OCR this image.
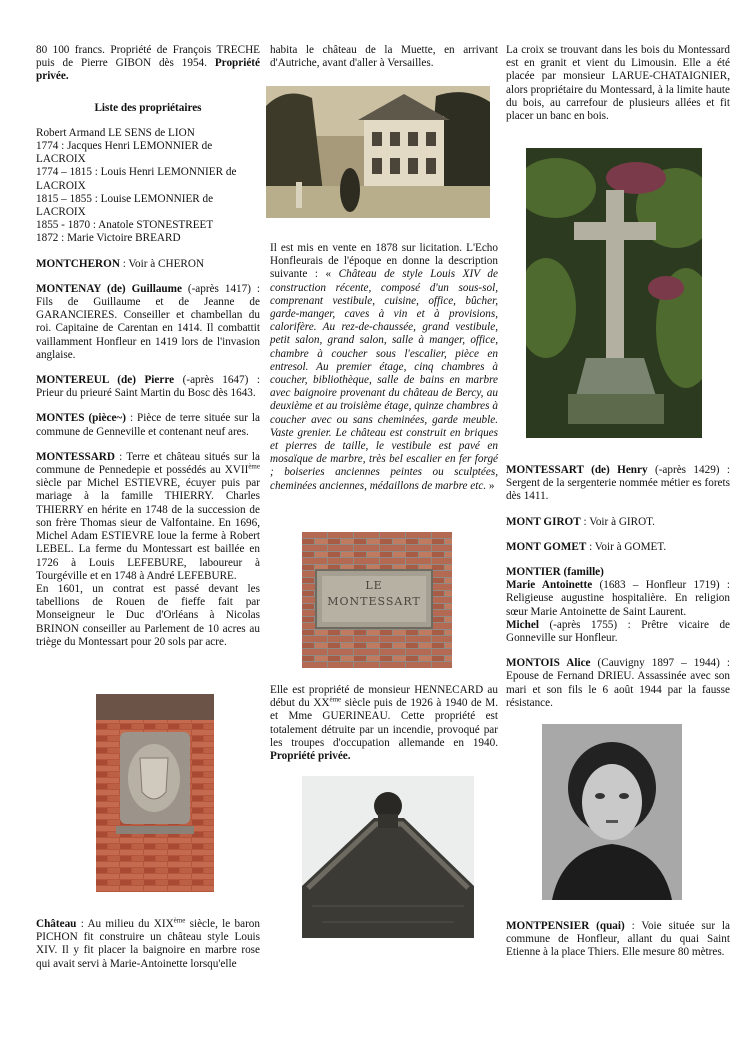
80 100 francs. Propriété de François TRECHE puis de Pierre GIBON dès 1954. Propriété privée.

Liste des propriétaires

Robert Armand LE SENS de LION
1774 : Jacques Henri LEMONNIER de LACROIX
1774 – 1815 : Louis Henri LEMONNIER de LACROIX
1815 – 1855 : Louise LEMONNIER de LACROIX
1855 - 1870 : Anatole STONESTREET
1872 : Marie Victoire BREARD

MONTCHERON : Voir à CHERON

MONTENAY (de) Guillaume (-après 1417) : Fils de Guillaume et de Jeanne de GARANCIERES. Conseiller et chambellan du roi. Capitaine de Carentan en 1414. Il combattit vaillamment Honfleur en 1419 lors de l'invasion anglaise.

MONTEREUL (de) Pierre (-après 1647) : Prieur du prieuré Saint Martin du Bosc dès 1643.

MONTES (pièce~) : Pièce de terre située sur la commune de Genneville et contenant neuf ares.

MONTESSARD : Terre et château situés sur la commune de Pennedepie et possédés au XVIIème siècle par Michel ESTIEVRE, écuyer puis par mariage à la famille THIERRY. Charles THIERRY en hérite en 1748 de la succession de son frère Thomas sieur de Valfontaine. En 1696, Michel Adam ESTIEVRE loue la ferme à Robert LEBEL. La ferme du Montessart est baillée en 1726 à Louis LEFEBURE, laboureur à Tourgéville et en 1748 à André LEFEBURE.

En 1601, un contrat est passé devant les tabellions de Rouen de fieffe fait par Monseigneur le Duc d'Orléans à Nicolas BRINON conseiller au Parlement de 10 acres au triège du Montessart pour 20 sols par acre.

Château : Au milieu du XIXème siècle, le baron PICHON fit construire un château style Louis XIV. Il y fit placer la baignoire en marbre rose qui avait servi à Marie-Antoinette lorsqu'elle

habita le château de la Muette, en arrivant d'Autriche, avant d'aller à Versailles.

Il est mis en vente en 1878 sur licitation. L'Echo Honfleurais de l'époque en donne la description suivante : « Château de style Louis XIV de construction récente, composé d'un sous-sol, comprenant vestibule, cuisine, office, bûcher, garde-manger, caves à vin et à provisions, calorifère. Au rez-de-chaussée, grand vestibule, petit salon, grand salon, salle à manger, office, chambre à coucher sous l'escalier, pièce en entresol. Au premier étage, cinq chambres à coucher, bibliothèque, salle de bains en marbre avec baignoire provenant du château de Bercy, au deuxième et au troisième étage, quinze chambres à coucher avec ou sans cheminées, garde meuble. Vaste grenier. Le château est construit en briques et pierres de taille, le vestibule est pavé en mosaïque de marbre, très bel escalier en fer forgé ; boiseries anciennes peintes ou sculptées, cheminées anciennes, médaillons de marbre etc. »

LE
MONTESSART

Elle est propriété de monsieur HENNECARD au début du XXème siècle puis de 1926 à 1940 de M. et Mme GUERINEAU. Cette propriété est totalement détruite par un incendie, provoqué par les troupes d'occupation allemande en 1940. Propriété privée.

La croix se trouvant dans les bois du Montessard est en granit et vient du Limousin. Elle a été placée par monsieur LARUE-CHATAIGNIER, alors propriétaire du Montessard, à la limite haute du bois, au carrefour de plusieurs allées et fit placer un banc en bois.

MONTESSART (de) Henry (-après 1429) : Sergent de la sergenterie nommée métier es forets dès 1411.

MONT GIROT : Voir à GIROT.

MONT GOMET : Voir à GOMET.

MONTIER (famille)

Marie Antoinette (1683 – Honfleur 1719) : Religieuse augustine hospitalière. En religion sœur Marie Antoinette de Saint Laurent.

Michel (-après 1755) : Prêtre vicaire de Gonneville sur Honfleur.

MONTOIS Alice (Cauvigny 1897 – 1944) : Epouse de Fernand DRIEU. Assassinée avec son mari et son fils le 6 août 1944 par la fausse résistance.

MONTPENSIER (quai) : Voie située sur la commune de Honfleur, allant du quai Saint Etienne à la place Thiers. Elle mesure 80 mètres.
